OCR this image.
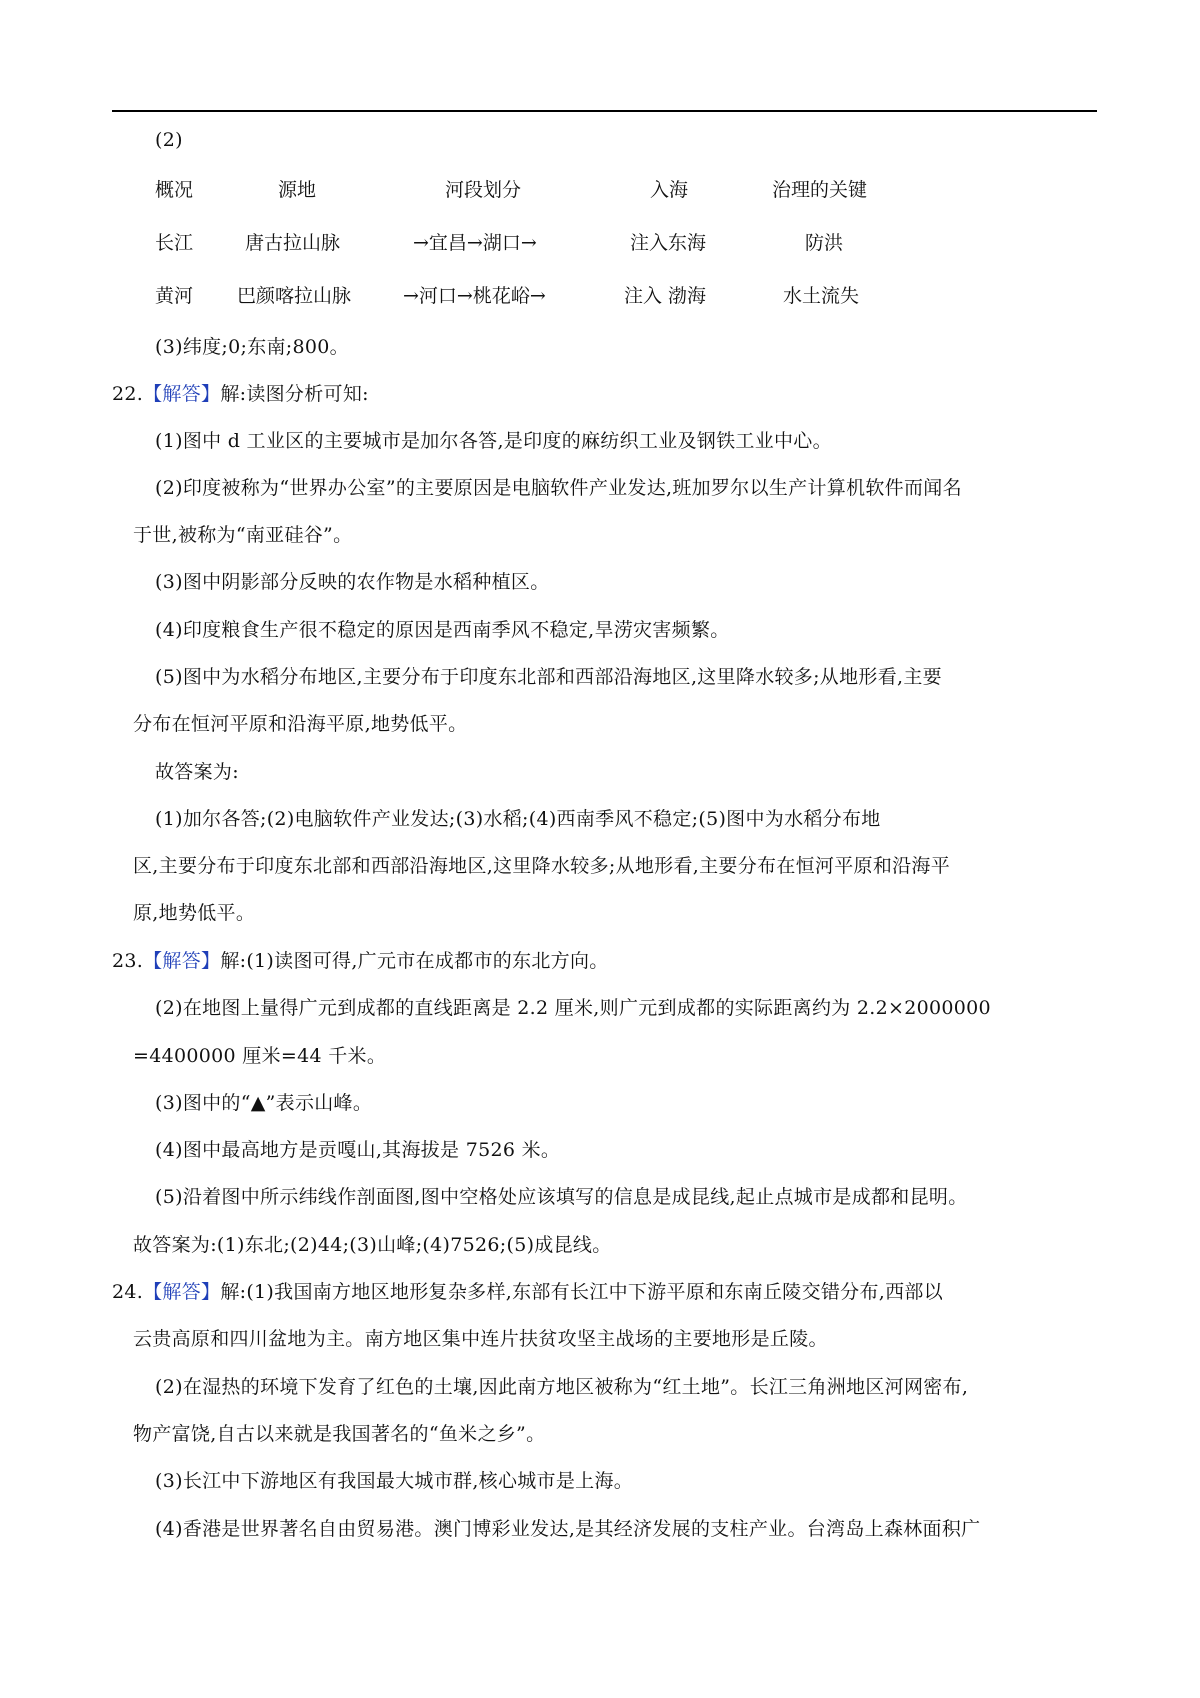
(2)
概况	源地	河段划分	入海	治理的关键
长江	唐古拉山脉	→宜昌→湖口→	注入东海	防洪
黄河 巴颜喀拉山脉	→河口→桃花峪→	注入 渤海	水土流失
(3)纬度;0;东南;800。
22.【解答】解:读图分析可知:
(1)图中 d 工业区的主要城市是加尔各答,是印度的麻纺织工业及钢铁工业中心。
(2)印度被称为“世界办公室”的主要原因是电脑软件产业发达,班加罗尔以生产计算机软件而闻名
于世,被称为“南亚硅谷”。
(3)图中阴影部分反映的农作物是水稻种植区。
(4)印度粮食生产很不稳定的原因是西南季风不稳定,旱涝灾害频繁。
(5)图中为水稻分布地区,主要分布于印度东北部和西部沿海地区,这里降水较多;从地形看,主要
分布在恒河平原和沿海平原,地势低平。
故答案为:
(1)加尔各答;(2)电脑软件产业发达;(3)水稻;(4)西南季风不稳定;(5)图中为水稻分布地
区,主要分布于印度东北部和西部沿海地区,这里降水较多;从地形看,主要分布在恒河平原和沿海平
原,地势低平。
23.【解答】解:(1)读图可得,广元市在成都市的东北方向。
(2)在地图上量得广元到成都的直线距离是 2.2 厘米,则广元到成都的实际距离约为 2.2×2000000
=4400000 厘米=44 千米。
(3)图中的“▲”表示山峰。
(4)图中最高地方是贡嘎山,其海拔是 7526 米。
(5)沿着图中所示纬线作剖面图,图中空格处应该填写的信息是成昆线,起止点城市是成都和昆明。
故答案为:(1)东北;(2)44;(3)山峰;(4)7526;(5)成昆线。
24.【解答】解:(1)我国南方地区地形复杂多样,东部有长江中下游平原和东南丘陵交错分布,西部以
云贵高原和四川盆地为主。南方地区集中连片扶贫攻坚主战场的主要地形是丘陵。
(2)在湿热的环境下发育了红色的土壤,因此南方地区被称为“红土地”。长江三角洲地区河网密布,
物产富饶,自古以来就是我国著名的“鱼米之乡”。
(3)长江中下游地区有我国最大城市群,核心城市是上海。
(4)香港是世界著名自由贸易港。澳门博彩业发达,是其经济发展的支柱产业。台湾岛上森林面积广
